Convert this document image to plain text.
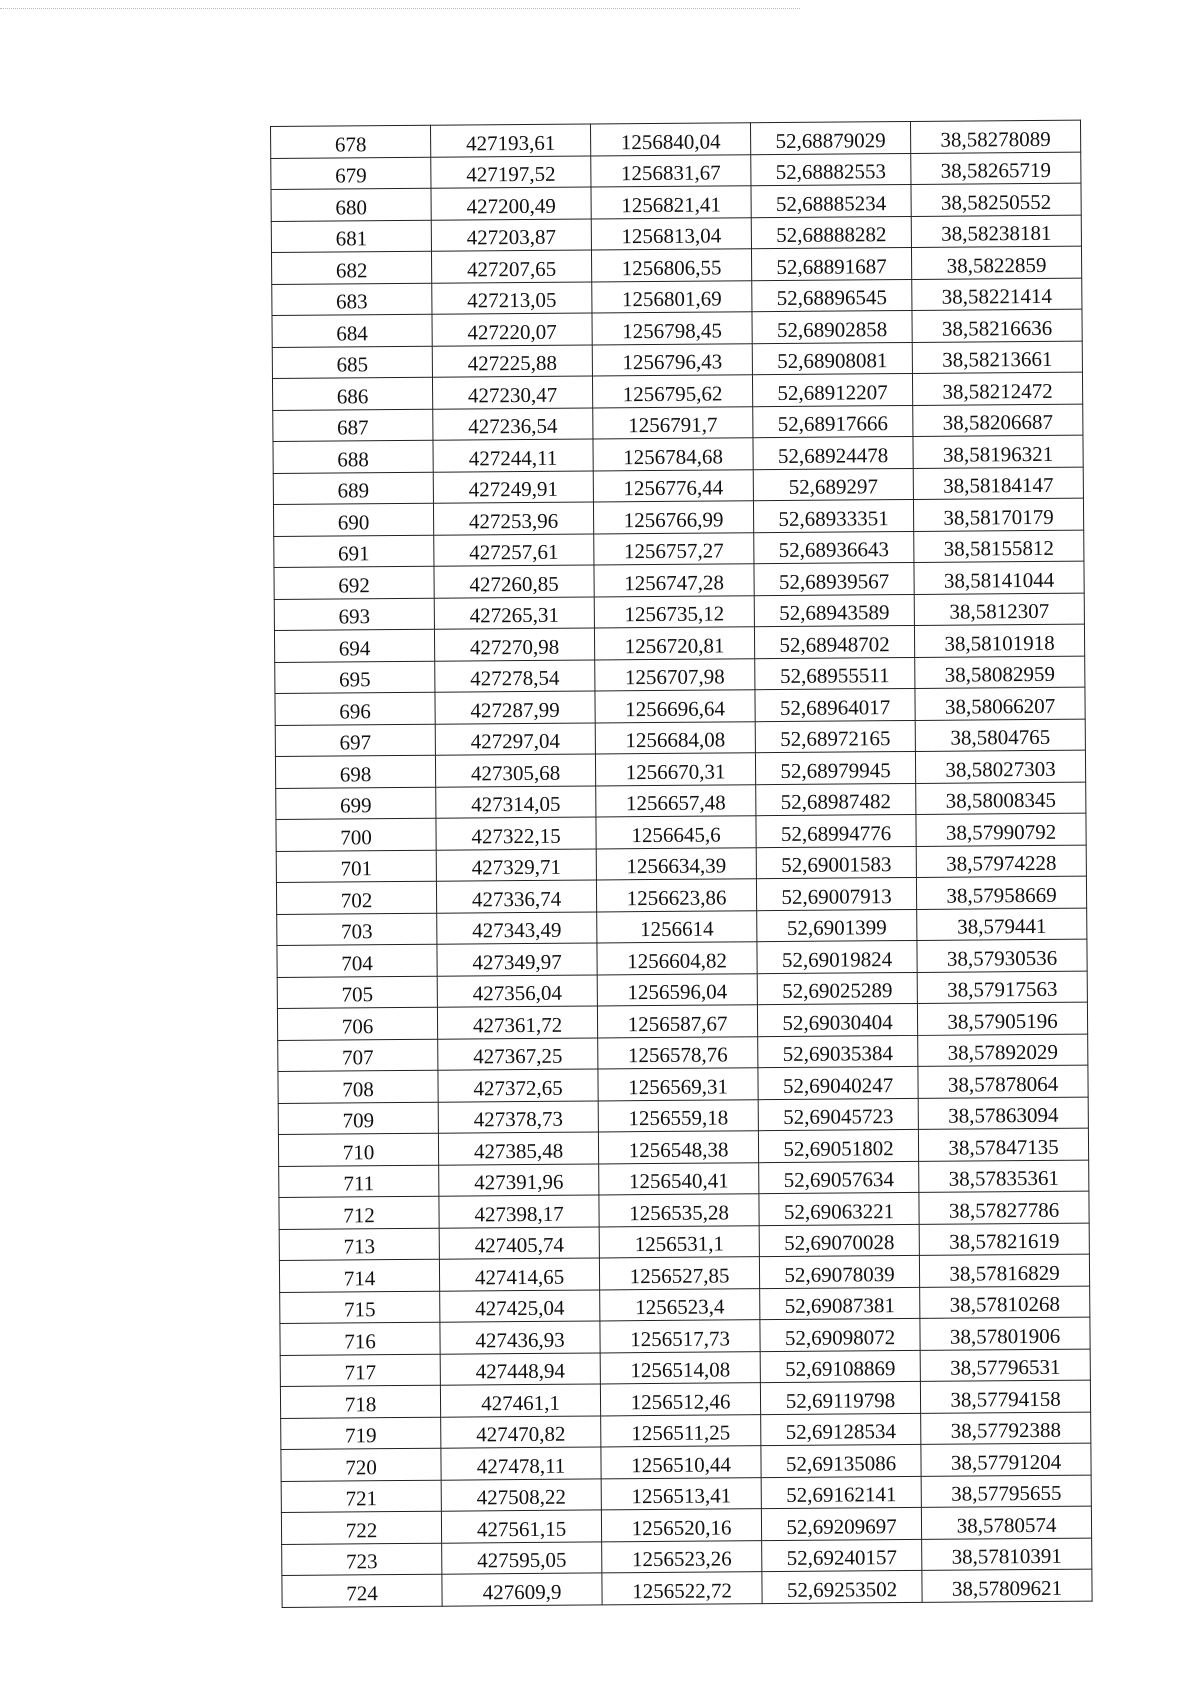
678	427193,61	1256840,04	52,68879029	38,58278089
679	427197,52	1256831,67	52,68882553	38,58265719
680	427200,49	1256821,41	52,68885234	38,58250552
681	427203,87	1256813,04	52,68888282	38,58238181
682	427207,65	1256806,55	52,68891687	38,5822859
683	427213,05	1256801,69	52,68896545	38,58221414
684	427220,07	1256798,45	52,68902858	38,58216636
685	427225,88	1256796,43	52,68908081	38,58213661
686	427230,47	1256795,62	52,68912207	38,58212472
687	427236,54	1256791,7	52,68917666	38,58206687
688	427244,11	1256784,68	52,68924478	38,58196321
689	427249,91	1256776,44	52,689297	38,58184147
690	427253,96	1256766,99	52,68933351	38,58170179
691	427257,61	1256757,27	52,68936643	38,58155812
692	427260,85	1256747,28	52,68939567	38,58141044
693	427265,31	1256735,12	52,68943589	38,5812307
694	427270,98	1256720,81	52,68948702	38,58101918
695	427278,54	1256707,98	52,68955511	38,58082959
696	427287,99	1256696,64	52,68964017	38,58066207
697	427297,04	1256684,08	52,68972165	38,5804765
698	427305,68	1256670,31	52,68979945	38,58027303
699	427314,05	1256657,48	52,68987482	38,58008345
700	427322,15	1256645,6	52,68994776	38,57990792
701	427329,71	1256634,39	52,69001583	38,57974228
702	427336,74	1256623,86	52,69007913	38,57958669
703	427343,49	1256614	52,6901399	38,579441
704	427349,97	1256604,82	52,69019824	38,57930536
705	427356,04	1256596,04	52,69025289	38,57917563
706	427361,72	1256587,67	52,69030404	38,57905196
707	427367,25	1256578,76	52,69035384	38,57892029
708	427372,65	1256569,31	52,69040247	38,57878064
709	427378,73	1256559,18	52,69045723	38,57863094
710	427385,48	1256548,38	52,69051802	38,57847135
711	427391,96	1256540,41	52,69057634	38,57835361
712	427398,17	1256535,28	52,69063221	38,57827786
713	427405,74	1256531,1	52,69070028	38,57821619
714	427414,65	1256527,85	52,69078039	38,57816829
715	427425,04	1256523,4	52,69087381	38,57810268
716	427436,93	1256517,73	52,69098072	38,57801906
717	427448,94	1256514,08	52,69108869	38,57796531
718	427461,1	1256512,46	52,69119798	38,57794158
719	427470,82	1256511,25	52,69128534	38,57792388
720	427478,11	1256510,44	52,69135086	38,57791204
721	427508,22	1256513,41	52,69162141	38,57795655
722	427561,15	1256520,16	52,69209697	38,5780574
723	427595,05	1256523,26	52,69240157	38,57810391
724	427609,9	1256522,72	52,69253502	38,57809621
